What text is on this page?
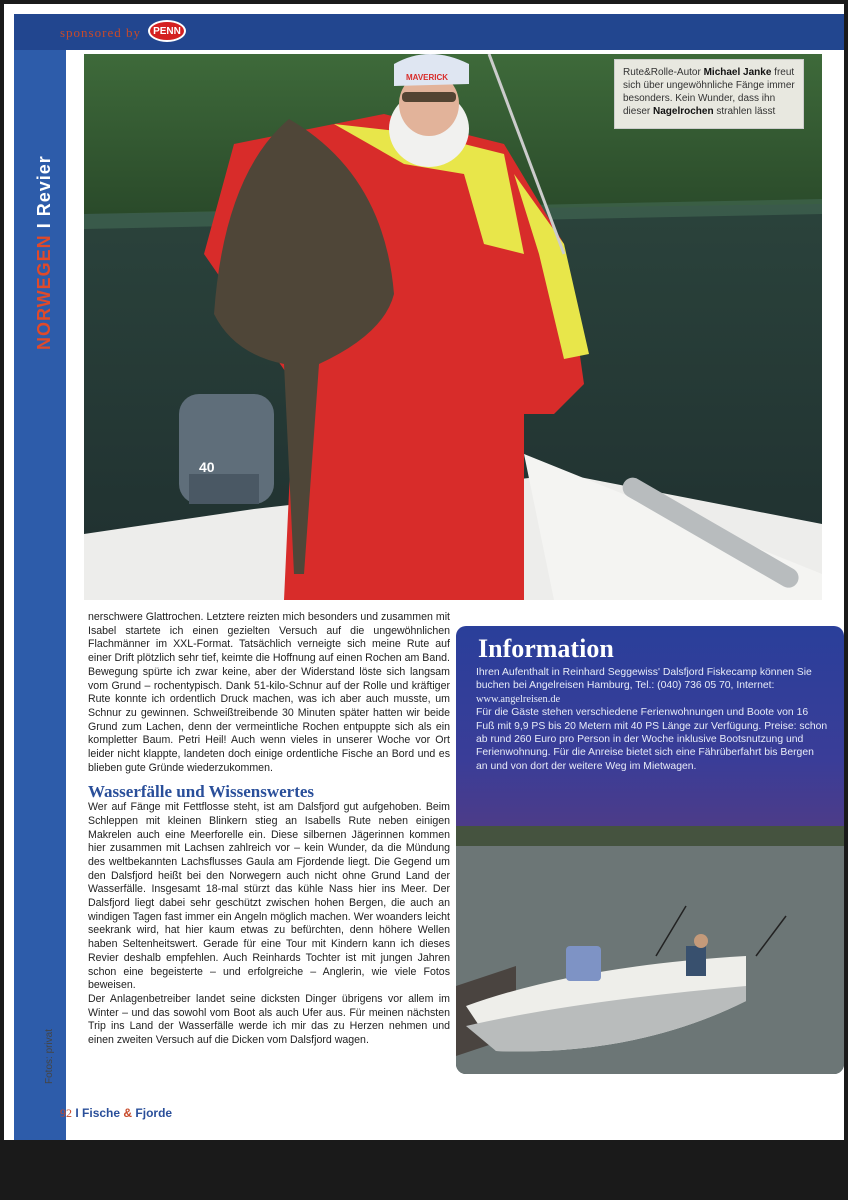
sponsored by PENN
NORWEGEN I Revier
40
MAVERICK	Rute&Rolle-Autor Michael Janke freut sich über ungewöhnliche Fänge immer besonders. Kein Wunder, dass ihn dieser Nagelrochen strahlen lässt

nerschwere Glattrochen. Letztere reizten mich besonders und zusammen mit Isabel startete ich einen gezielten Versuch auf die ungewöhnlichen Flachmänner im XXL-Format. Tatsächlich verneigte sich meine Rute auf einer Drift plötzlich sehr tief, keimte die Hoffnung auf einen Rochen am Band. Bewegung spürte ich zwar keine, aber der Widerstand löste sich langsam vom Grund – rochentypisch. Dank 51-kilo-Schnur auf der Rolle und kräftiger Rute konnte ich ordentlich Druck machen, was ich aber auch musste, um Schnur zu gewinnen. Schweißtreibende 30 Minuten später hatten wir beide Grund zum Lachen, denn der vermeintliche Rochen entpuppte sich als ein kompletter Baum. Petri Heil! Auch wenn vieles in unserer Woche vor Ort leider nicht klappte, landeten doch einige ordentliche Fische an Bord und es blieben gute Gründe wiederzukommen.

Wasserfälle und Wissenswertes

Wer auf Fänge mit Fettflosse steht, ist am Dalsfjord gut aufgehoben. Beim Schleppen mit kleinen Blinkern stieg an Isabells Rute neben einigen Makrelen auch eine Meerforelle ein. Diese silbernen Jägerinnen kommen hier zusammen mit Lachsen zahlreich vor – kein Wunder, da die Mündung des weltbekannten Lachsflusses Gaula am Fjordende liegt. Die Gegend um den Dalsfjord heißt bei den Norwegern auch nicht ohne Grund Land der Wasserfälle. Insgesamt 18-mal stürzt das kühle Nass hier ins Meer. Der Dalsfjord liegt dabei sehr geschützt zwischen hohen Bergen, die auch an windigen Tagen fast immer ein Angeln möglich machen. Wer woanders leicht seekrank wird, hat hier kaum etwas zu befürchten, denn höhere Wellen haben Seltenheitswert. Gerade für eine Tour mit Kindern kann ich dieses Revier deshalb empfehlen. Auch Reinhards Tochter ist mit jungen Jahren schon eine begeisterte – und erfolgreiche – Anglerin, wie viele Fotos beweisen.

Der Anlagenbetreiber landet seine dicksten Dinger übrigens vor allem im Winter – und das sowohl vom Boot als auch Ufer aus. Für meinen nächsten Trip ins Land der Wasserfälle werde ich mir das zu Herzen nehmen und einen zweiten Versuch auf die Dicken vom Dalsfjord wagen.

Fotos: privat
Information

Ihren Aufenthalt in Reinhard Seggewiss' Dalsfjord Fiskecamp können Sie buchen bei Angelreisen Hamburg, Tel.: (040) 736 05 70, Internet: www.angelreisen.de

Für die Gäste stehen verschiedene Ferienwohnungen und Boote von 16 Fuß mit 9,9 PS bis 20 Metern mit 40 PS Länge zur Verfügung. Preise: schon ab rund 260 Euro pro Person in der Woche inklusive Bootsnutzung und Ferienwohnung. Für die Anreise bietet sich eine Fährüberfahrt bis Bergen an und von dort der weitere Weg im Mietwagen.

92 I Fische & Fjorde
